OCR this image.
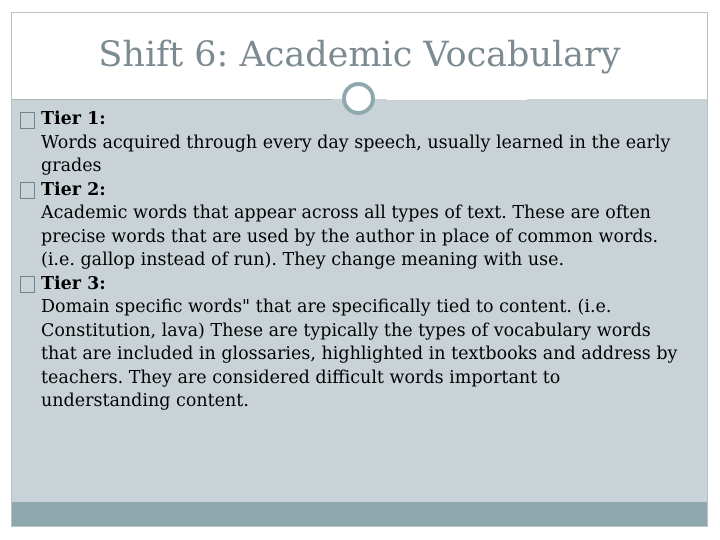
Shift 6: Academic Vocabulary
Tier 1:

Words acquired through every day speech, usually learned in the early grades

Tier 2:

Academic words that appear across all types of text. These are often precise words that are used by the author in place of common words. (i.e. gallop instead of run). They change meaning with use.

Tier 3:

Domain specific words" that are specifically tied to content. (i.e. Constitution, lava) These are typically the types of vocabulary words that are included in glossaries, highlighted in textbooks and address by teachers. They are considered difficult words important to understanding content.
